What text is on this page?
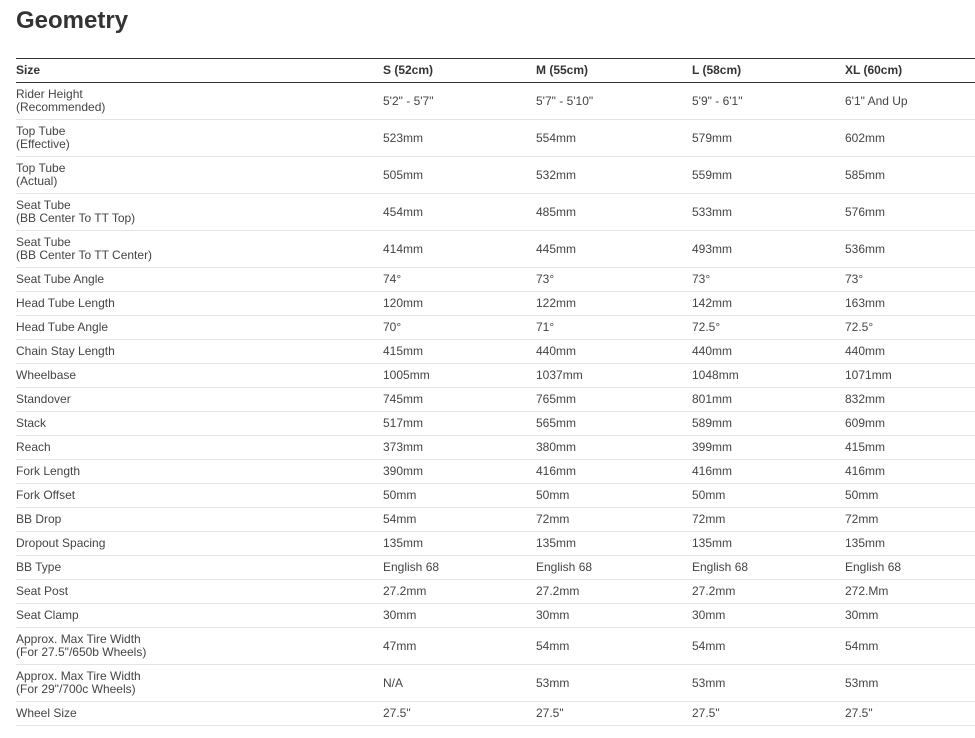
Geometry
Size	S (52cm)	M (55cm)	L (58cm)	XL (60cm)

Rider Height
(Recommended)	5'2" - 5'7"	5'7" - 5'10"	5'9" - 6'1"	6'1" And Up

Top Tube
(Effective)	523mm	554mm	579mm	602mm

Top Tube
(Actual)	505mm	532mm	559mm	585mm

Seat Tube
(BB Center To TT Top)	454mm	485mm	533mm	576mm

Seat Tube
(BB Center To TT Center)	414mm	445mm	493mm	536mm

Seat Tube Angle	74°	73°	73°	73°

Head Tube Length	120mm	122mm	142mm	163mm

Head Tube Angle	70°	71°	72.5°	72.5°

Chain Stay Length	415mm	440mm	440mm	440mm

Wheelbase	1005mm	1037mm	1048mm	1071mm

Standover	745mm	765mm	801mm	832mm

Stack	517mm	565mm	589mm	609mm

Reach	373mm	380mm	399mm	415mm

Fork Length	390mm	416mm	416mm	416mm

Fork Offset	50mm	50mm	50mm	50mm

BB Drop	54mm	72mm	72mm	72mm

Dropout Spacing	135mm	135mm	135mm	135mm

BB Type	English 68	English 68	English 68	English 68

Seat Post	27.2mm	27.2mm	27.2mm	272.Mm

Seat Clamp	30mm	30mm	30mm	30mm

Approx. Max Tire Width
(For 27.5"/650b Wheels)	47mm	54mm	54mm	54mm

Approx. Max Tire Width
(For 29"/700c Wheels)	N/A	53mm	53mm	53mm

Wheel Size	27.5"	27.5"	27.5"	27.5"
